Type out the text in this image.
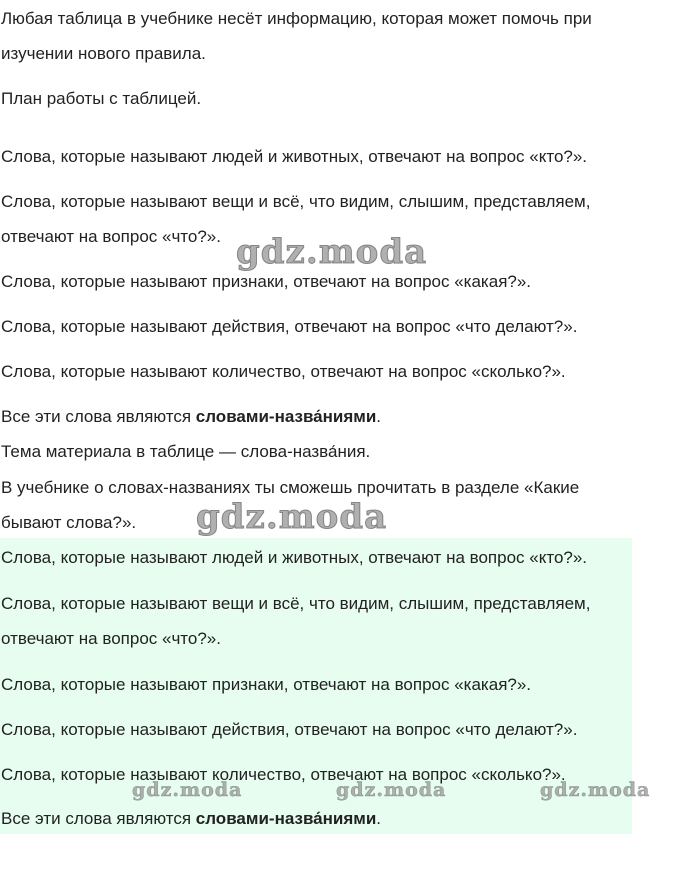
Любая таблица в учебнике несёт информацию, которая может помочь при
изучении нового правила.
План работы с таблицей.
Слова, которые называют людей и животных, отвечают на вопрос «кто?».
Слова, которые называют вещи и всё, что видим, слышим, представляем,
отвечают на вопрос «что?».
Слова, которые называют признаки, отвечают на вопрос «какая?».
Слова, которые называют действия, отвечают на вопрос «что делают?».
Слова, которые называют количество, отвечают на вопрос «сколько?».
Все эти слова являются словами-назва́ниями.
Тема материала в таблице — слова-назва́ния.
В учебнике о словах-названиях ты сможешь прочитать в разделе «Какие
бывают слова?».
Слова, которые называют людей и животных, отвечают на вопрос «кто?».
Слова, которые называют вещи и всё, что видим, слышим, представляем,
отвечают на вопрос «что?».
Слова, которые называют признаки, отвечают на вопрос «какая?».
Слова, которые называют действия, отвечают на вопрос «что делают?».
Слова, которые называют количество, отвечают на вопрос «сколько?».
Все эти слова являются словами-назва́ниями.
gdz.moda
gdz.moda
gdz.moda	gdz.moda	gdz.moda
